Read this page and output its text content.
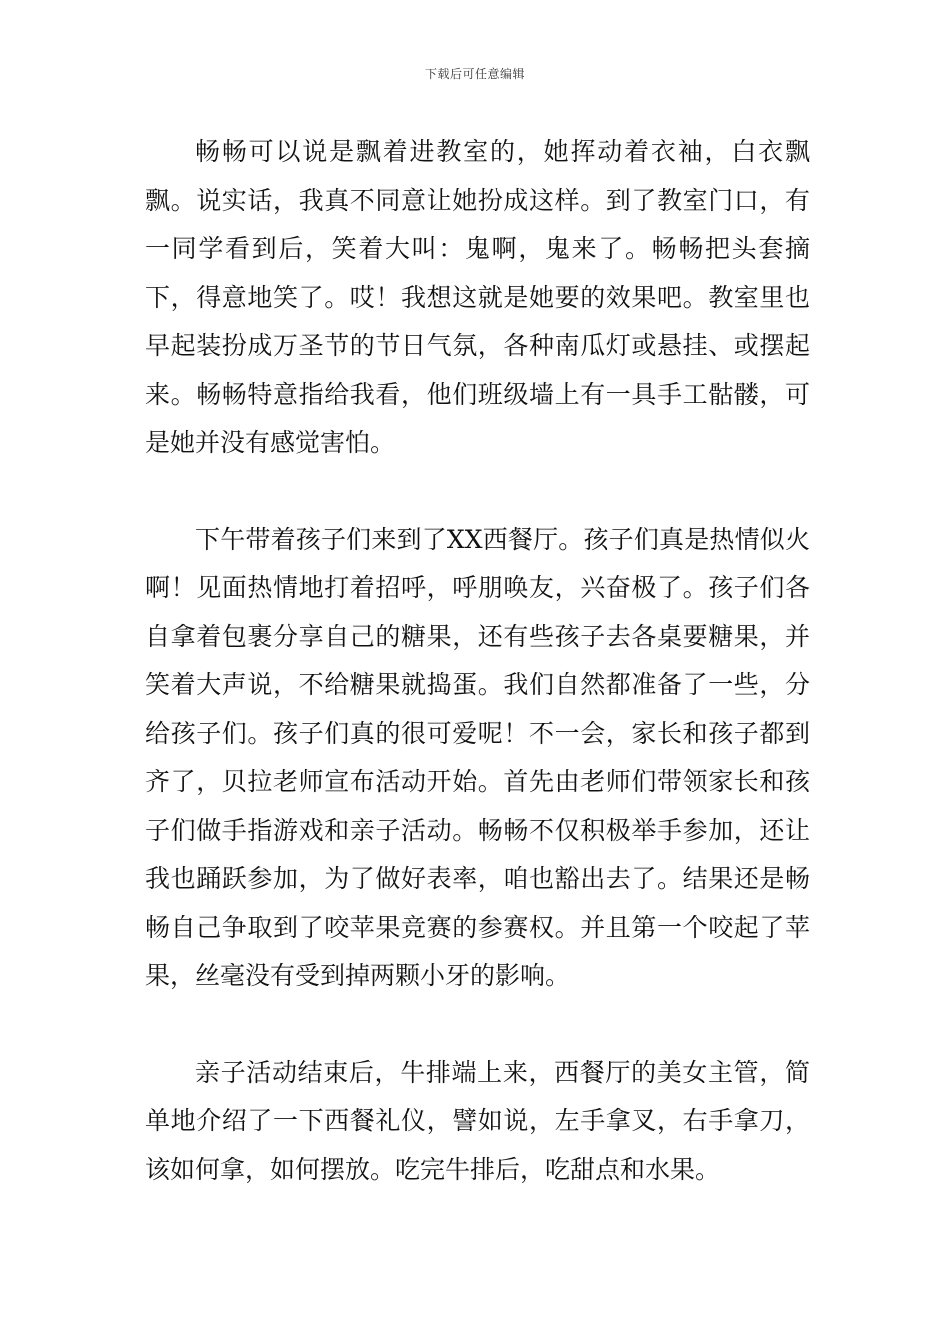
下载后可任意编辑

畅畅可以说是飘着进教室的，她挥动着衣袖，白衣飘飘。说实话，我真不同意让她扮成这样。到了教室门口，有一同学看到后，笑着大叫：鬼啊，鬼来了。畅畅把头套摘下，得意地笑了。哎！我想这就是她要的效果吧。教室里也早起装扮成万圣节的节日气氛，各种南瓜灯或悬挂、或摆起来。畅畅特意指给我看，他们班级墙上有一具手工骷髅，可是她并没有感觉害怕。

下午带着孩子们来到了XX西餐厅。孩子们真是热情似火啊！见面热情地打着招呼，呼朋唤友，兴奋极了。孩子们各自拿着包裹分享自己的糖果，还有些孩子去各桌要糖果，并笑着大声说，不给糖果就捣蛋。我们自然都准备了一些，分给孩子们。孩子们真的很可爱呢！不一会，家长和孩子都到齐了，贝拉老师宣布活动开始。首先由老师们带领家长和孩子们做手指游戏和亲子活动。畅畅不仅积极举手参加，还让我也踊跃参加，为了做好表率，咱也豁出去了。结果还是畅畅自己争取到了咬苹果竞赛的参赛权。并且第一个咬起了苹果，丝毫没有受到掉两颗小牙的影响。

亲子活动结束后，牛排端上来，西餐厅的美女主管，简单地介绍了一下西餐礼仪，譬如说，左手拿叉，右手拿刀，该如何拿，如何摆放。吃完牛排后，吃甜点和水果。
